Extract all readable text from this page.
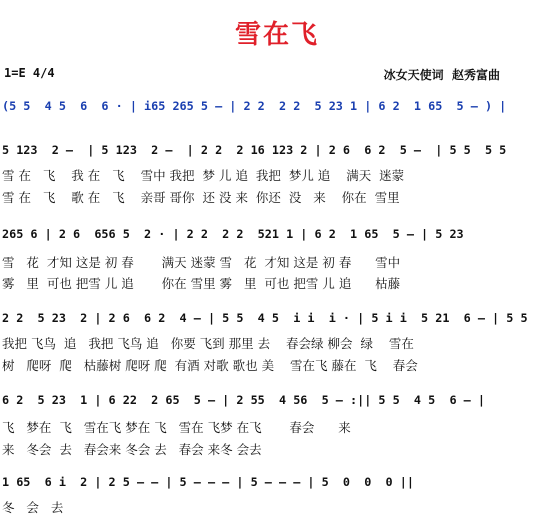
雪在飞
1=E 4/4	冰女天使词  赵秀富曲
(5 5  4 5  6  6 · | i65 265 5 — | 2 2  2 2  5 23 1 | 6 2  1 65  5 — ) |
5 123  2 —  | 5 123  2 —  | 2 2  2 16 123 2 | 2 6  6 2  5 —  | 5 5  5 5
雪 在   飞    我 在   飞    雪中 我把  梦 儿 追  我把  梦儿 追    满天  迷蒙
雪 在   飞    歌 在   飞    亲哥 哥你  还 没 来  你还  没   来    你在  雪里
265 6 | 2 6  656 5  2 · | 2 2  2 2  521 1 | 6 2  1 65  5 — | 5 23
雪   花  才知 这是 初 春       满天 迷蒙 雪   花  才知 这是 初 春      雪中
雾   里  可也 把雪 儿 追       你在 雪里 雾   里  可也 把雪 儿 追      枯藤
2 2  5 23  2 | 2 6  6 2  4 — | 5 5  4 5  i i  i · | 5 i i  5 21  6 — | 5 5
我把 飞鸟  追   我把 飞鸟 追   你要 飞到 那里 去    春会绿 柳会  绿    雪在
树   爬呀  爬   枯藤树 爬呀 爬  有酒 对歌 歌也 美    雪在飞 藤在  飞    春会
6 2  5 23  1 | 6 22  2 65  5 — | 2 55  4 56  5 — :|| 5 5  4 5  6 — |
飞   梦在  飞   雪在飞 梦在 飞   雪在 飞梦 在飞       春会      来
来   冬会  去   春会来 冬会 去   春会 来冬 会去
1 65  6 i  2 | 2 5 — — | 5 — — — | 5 — — — | 5  0  0  0 ||
冬   会   去
